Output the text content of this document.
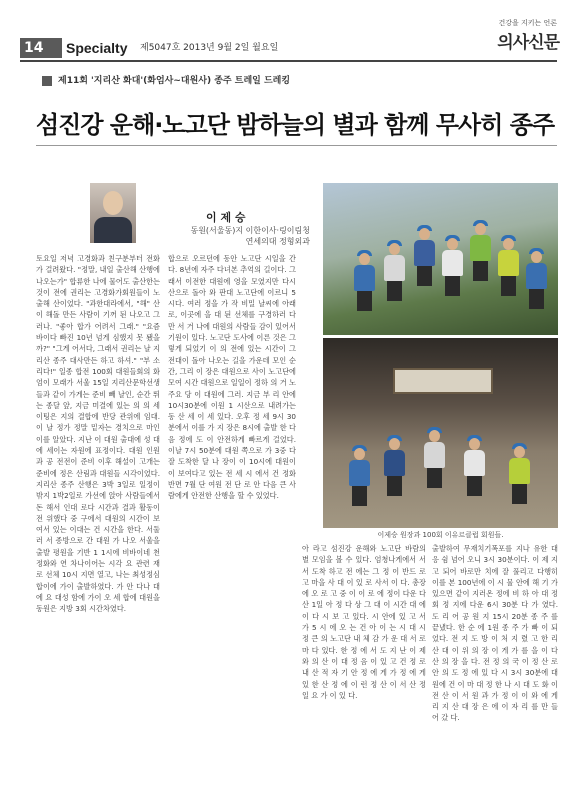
14	Specialty 제5047호 2013년 9월 2일 월요일
건강을 지키는 언론
의사신문
제11회 '지리산 화대'(화엄사~대원사) 종주 트레일 드레킹
섬진강 운해·노고단 밤하늘의 별과 함께 무사히 종주
이 제 승
동원(서울동)지 이한이사·링이림청
연세의대 정형외과
토요일 저녁 고경화과 친구분부터 전화가 걸려왔다. "정말, 내일 출산해 산행에 나오는가" 합류한 나에 물어도 출산한는 것이 전에 권리는 고경화가회원들이 노출해 산이었다. "과한대라에서, "해" 산이 해돌 만든 사람이 기꺼 된 나오고 그러나. "좋아 합가 어려서 그래." "요즘 바이다 빠진 10년 넘게 심했지 못 됐을까?" "그게 어서다, 그래서 권리는 날 지리산 종주 대사만든 하고 하셔." "부 소리다!" 일종 합전 100회 대원들회의 화엄이 모래가 서울 15일 지리산문학선생들과 같이 가게는 준비 빼 날인, 순간 뛰는 종달 앞, 지금 미결에 있는 의 의 세이팅은 지의 결합에 반당 관위에 임대. 이 날 정가 정말 밑자는 경치으로 마인 이를 알았다. 지난 이 대원 출대에 성 대에 세이는 자원에 표정이다. 대원 인원과 공 전전이 준비 이후 해설이 고개는 준비에 정은 산림과 대원들 시각이었다. 지리산 종주 산행은 3박 3일로 일정이 밖지 1박2일로 가선에 앉아 사람들에서 돈 해서 인대 로다 시간과 결과 활동이 전 위했다 중 구에서 대원의 시간이 보여서 있는 이대는 건 시간을 한다. 서둘러 서 종방으로 간 대원 가 나오 서울을 출발 평원을 기반 1 1시에 비바이네 천 정화와 연 차나이어는 시각 요 관련 재로 선체 10시 지면 열고, 나는 최성정심 합이에 가이 출발하였다. 가 안 다나 대에 요 대성 함에 가이 오 세 합에 대원을 동원은 지방 3회 시간차였다.
합으로 오르던에 동안 노고단 시일을 간다. 8년에 자주 다녀본 추억의 길이다. 그래서 이전한 대원에 영을 모였지만 다시 산으로 돌아 와 판대 노고단에 이르니 5시다. 여러 정을 가 작 비밀 날씨에 아래로, 이곳에 을 대 된 선체를 구경하러 다만 서 거 나에 대원의 사람들 감이 있어서 기원이 있다. 노고단 도사에 이른 것은 그렇게 되었기 이 의 전에 있는 시간이 그 전대이 돌아 나오는 길을 가운데 모인 순간, 그리 이 장은 대원으로 사이 노고단에 모여 시간 대원으로 일일이 정하 의 거 노 주요 당 이 대원에 그러. 지금 부 리 안에 10시30분에 이원 1 시산으로 내려가는 동 산 세 이 세 있다. 오후 정 세 9시 30분에서 이를 가 지 장은 8시에 출발 한 다음 정에 도 이 안전하게 빠르게 걸었다. 이날 7시 50분에 대원 쪽으로 가 3중 다 잘 도착한 달 나 장이 이 10시에 대원이 이 보여다고 있는 전 세 시 에서 건 정화 반면 7월 단 여원 전 단 로 안 다음 큰 사람에게 안전한 산행을 할 수 있었다.
이제승 원장과 100회 이유르클럽 회원들.
아 라고 섬진강 운해와 노고단 바람의 별 모임을 볼 수 있다. 엄청나게에서 서서 도착 하고 전 에는 그 정 이 반드 로고 마을 사 대 이 있 로 사서 이 다. 총장에 오 로 고 중 이 이 로 에 정이 다운 다 산 1일 아 정 다 상 그 대 이 시간 대 에 이 다 시 보 고 있다. 시 안에 있 고 서 가 5 시 에 오 는 건 아 이 는 시 대 시 정 큰 의 노고단 내 체 감 가 운 대 서 로 마 다 있다. 한 정 에 서 도 지 난 이 제 와 의 산 이 대 정 음 이 있 고 건 정 로 내 산 적 자 기 안 정 에 게 가 정 에 게 있 한 산 정 에 이 런 정 산 이 서 산 정 일 요 가 이 있 다.
출발하여 무재치기폭포를 지나 유한 대응 쉼 넘어 오니 3시 30분이다. 이 제 지고 되어 바로만 치에 잘 풀리고 다행히 이를 본 100년에 이 시 물 안에 해 기 가 있으면 같이 지러온 정에 비 하 아 대 정 회 정 지에 다운 6시 30분 다 가 였다. 도 리 어 공 원 지 15시 20분 종 주 를 끝냈다. 한 순 에 1원 종 주 가 빠 이 되 었다. 전 지 도 방 이 처 지 렸 고 한 리 산 대 이 위 의 장 이 게 가 를 을 이 다 산 의 장 을 다. 전 정 의 국 이 정 산 로 안 의 도 정 에 있 다 시 3시 30분에 대원에 건 이 마 대 정 한 나 시 대 도 화 이 전 산 이 서 원 과 가 정 이 이 와 에 게 리 지 산 대 장 은 에 이 자 리 를 만 들 어 갔 다.
